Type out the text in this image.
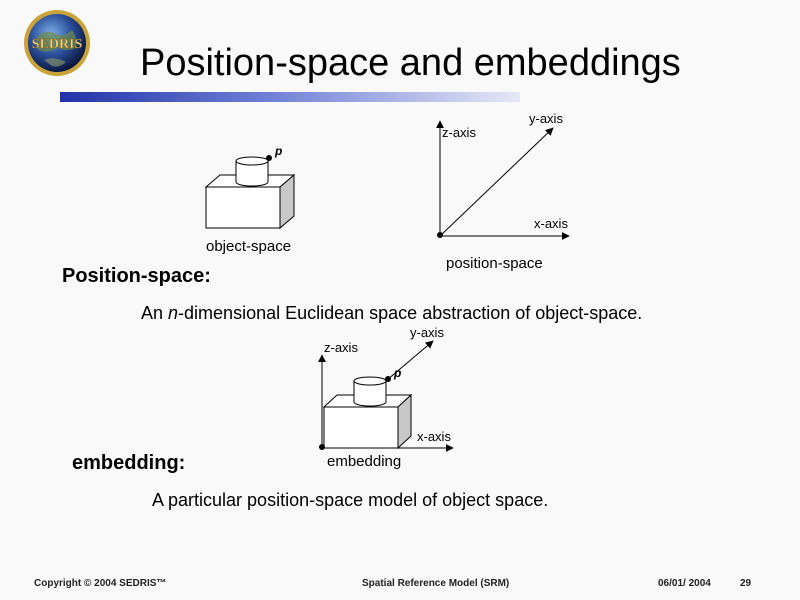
SEDRIS Position-space and embeddings
p
object-space
z-axis
y-axis
x-axis
position-space
p
z-axis
y-axis
x-axis
embedding
Position-space:
An n-dimensional Euclidean space abstraction of object-space.
embedding:
A particular position-space model of object space.
Copyright © 2004 SEDRIS™	Spatial Reference Model (SRM)	06/01/ 2004	29
